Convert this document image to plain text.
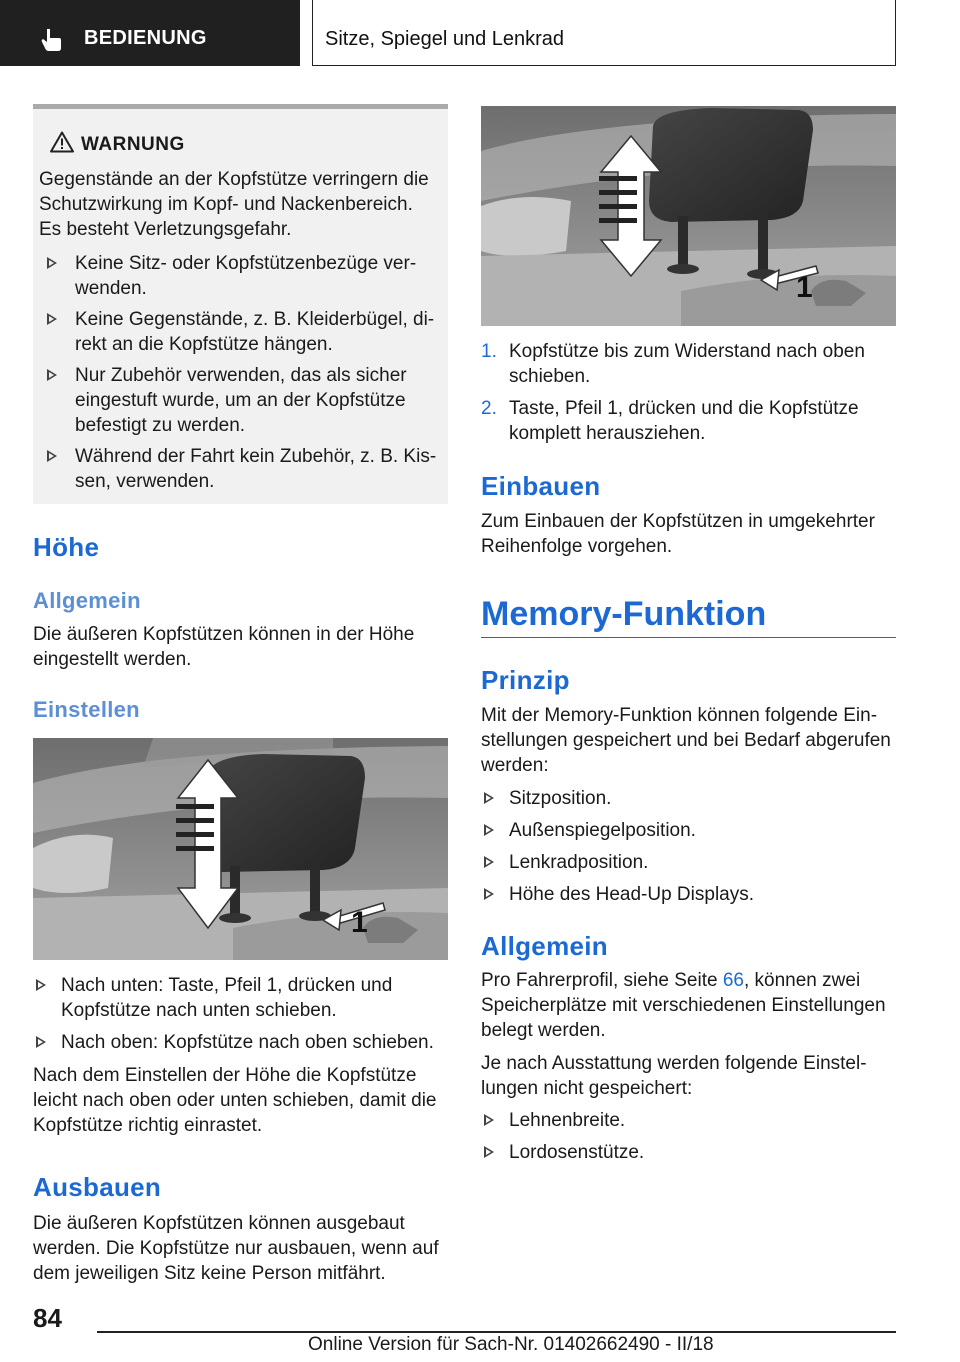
BEDIENUNG	Sitze, Spiegel und Lenkrad
WARNUNG
Gegenstände an der Kopfstütze verringern die Schutzwirkung im Kopf- und Nackenbereich. Es besteht Verletzungsgefahr.
Keine Sitz- oder Kopfstützenbezüge verwenden.
Keine Gegenstände, z. B. Kleiderbügel, direkt an die Kopfstütze hängen.
Nur Zubehör verwenden, das als sicher eingestuft wurde, um an der Kopfstütze befestigt zu werden.
Während der Fahrt kein Zubehör, z. B. Kissen, verwenden.
Höhe
Allgemein
Die äußeren Kopfstützen können in der Höhe eingestellt werden.
Einstellen
1
Nach unten: Taste, Pfeil 1, drücken und Kopfstütze nach unten schieben.
Nach oben: Kopfstütze nach oben schieben.
Nach dem Einstellen der Höhe die Kopfstütze leicht nach oben oder unten schieben, damit die Kopfstütze richtig einrastet.
Ausbauen
Die äußeren Kopfstützen können ausgebaut werden. Die Kopfstütze nur ausbauen, wenn auf dem jeweiligen Sitz keine Person mitfährt.
1
1. Kopfstütze bis zum Widerstand nach oben schieben.
2. Taste, Pfeil 1, drücken und die Kopfstütze komplett herausziehen.
Einbauen
Zum Einbauen der Kopfstützen in umgekehrter Reihenfolge vorgehen.
Memory-Funktion
Prinzip
Mit der Memory-Funktion können folgende Einstellungen gespeichert und bei Bedarf abgerufen werden:
Sitzposition.
Außenspiegelposition.
Lenkradposition.
Höhe des Head-Up Displays.
Allgemein
Pro Fahrerprofil, siehe Seite 66, können zwei Speicherplätze mit verschiedenen Einstellungen belegt werden.
Je nach Ausstattung werden folgende Einstellungen nicht gespeichert:
Lehnenbreite.
Lordosenstütze.
84
Online Version für Sach-Nr. 01402662490 - II/18
